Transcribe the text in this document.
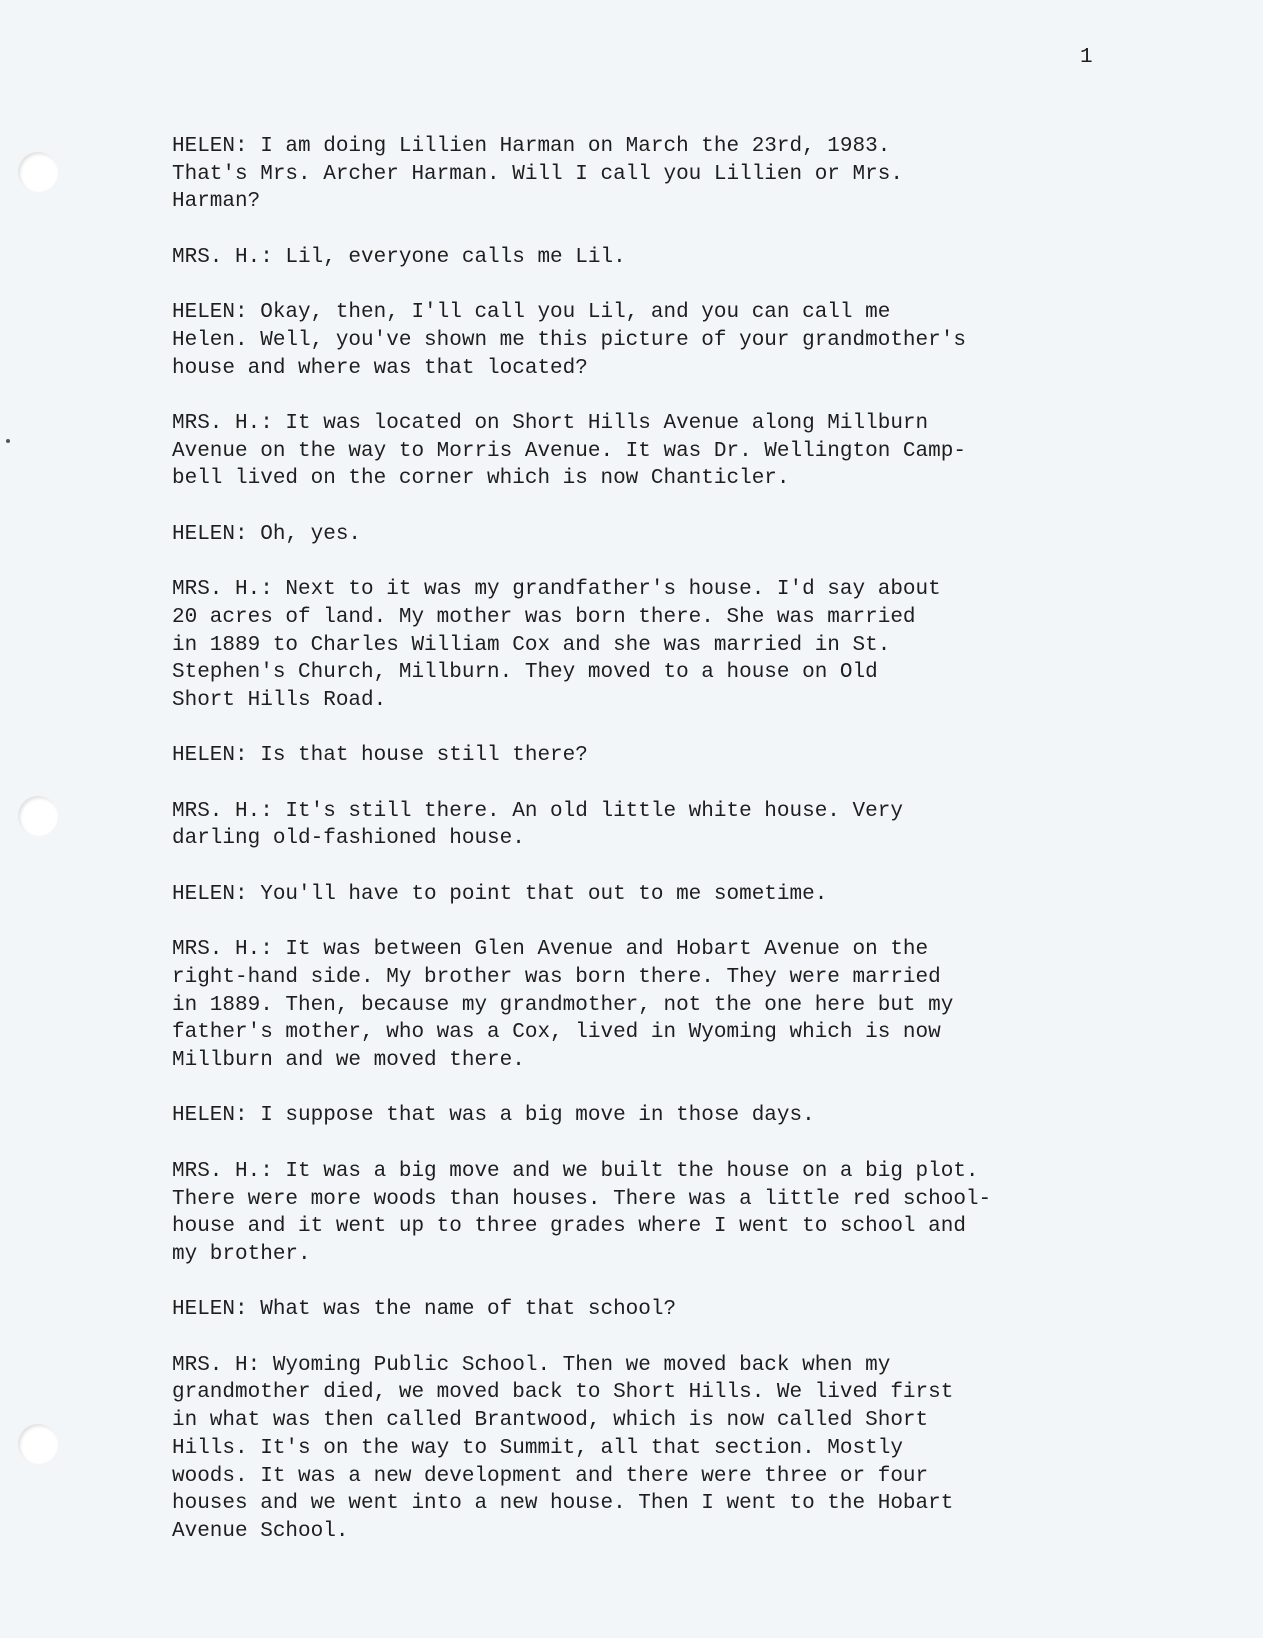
1

HELEN: I am doing Lillien Harman on March the 23rd, 1983.
That's Mrs. Archer Harman. Will I call you Lillien or Mrs.
Harman?

MRS. H.: Lil, everyone calls me Lil.

HELEN: Okay, then, I'll call you Lil, and you can call me
Helen. Well, you've shown me this picture of your grandmother's
house and where was that located?

MRS. H.: It was located on Short Hills Avenue along Millburn
Avenue on the way to Morris Avenue. It was Dr. Wellington Camp-
bell lived on the corner which is now Chanticler.

HELEN: Oh, yes.

MRS. H.: Next to it was my grandfather's house. I'd say about
20 acres of land. My mother was born there. She was married
in 1889 to Charles William Cox and she was married in St.
Stephen's Church, Millburn. They moved to a house on Old
Short Hills Road.

HELEN: Is that house still there?

MRS. H.: It's still there. An old little white house. Very
darling old-fashioned house.

HELEN: You'll have to point that out to me sometime.

MRS. H.: It was between Glen Avenue and Hobart Avenue on the
right-hand side. My brother was born there. They were married
in 1889. Then, because my grandmother, not the one here but my
father's mother, who was a Cox, lived in Wyoming which is now
Millburn and we moved there.

HELEN: I suppose that was a big move in those days.

MRS. H.: It was a big move and we built the house on a big plot.
There were more woods than houses. There was a little red school-
house and it went up to three grades where I went to school and
my brother.

HELEN: What was the name of that school?

MRS. H: Wyoming Public School. Then we moved back when my
grandmother died, we moved back to Short Hills. We lived first
in what was then called Brantwood, which is now called Short
Hills. It's on the way to Summit, all that section. Mostly
woods. It was a new development and there were three or four
houses and we went into a new house. Then I went to the Hobart
Avenue School.
